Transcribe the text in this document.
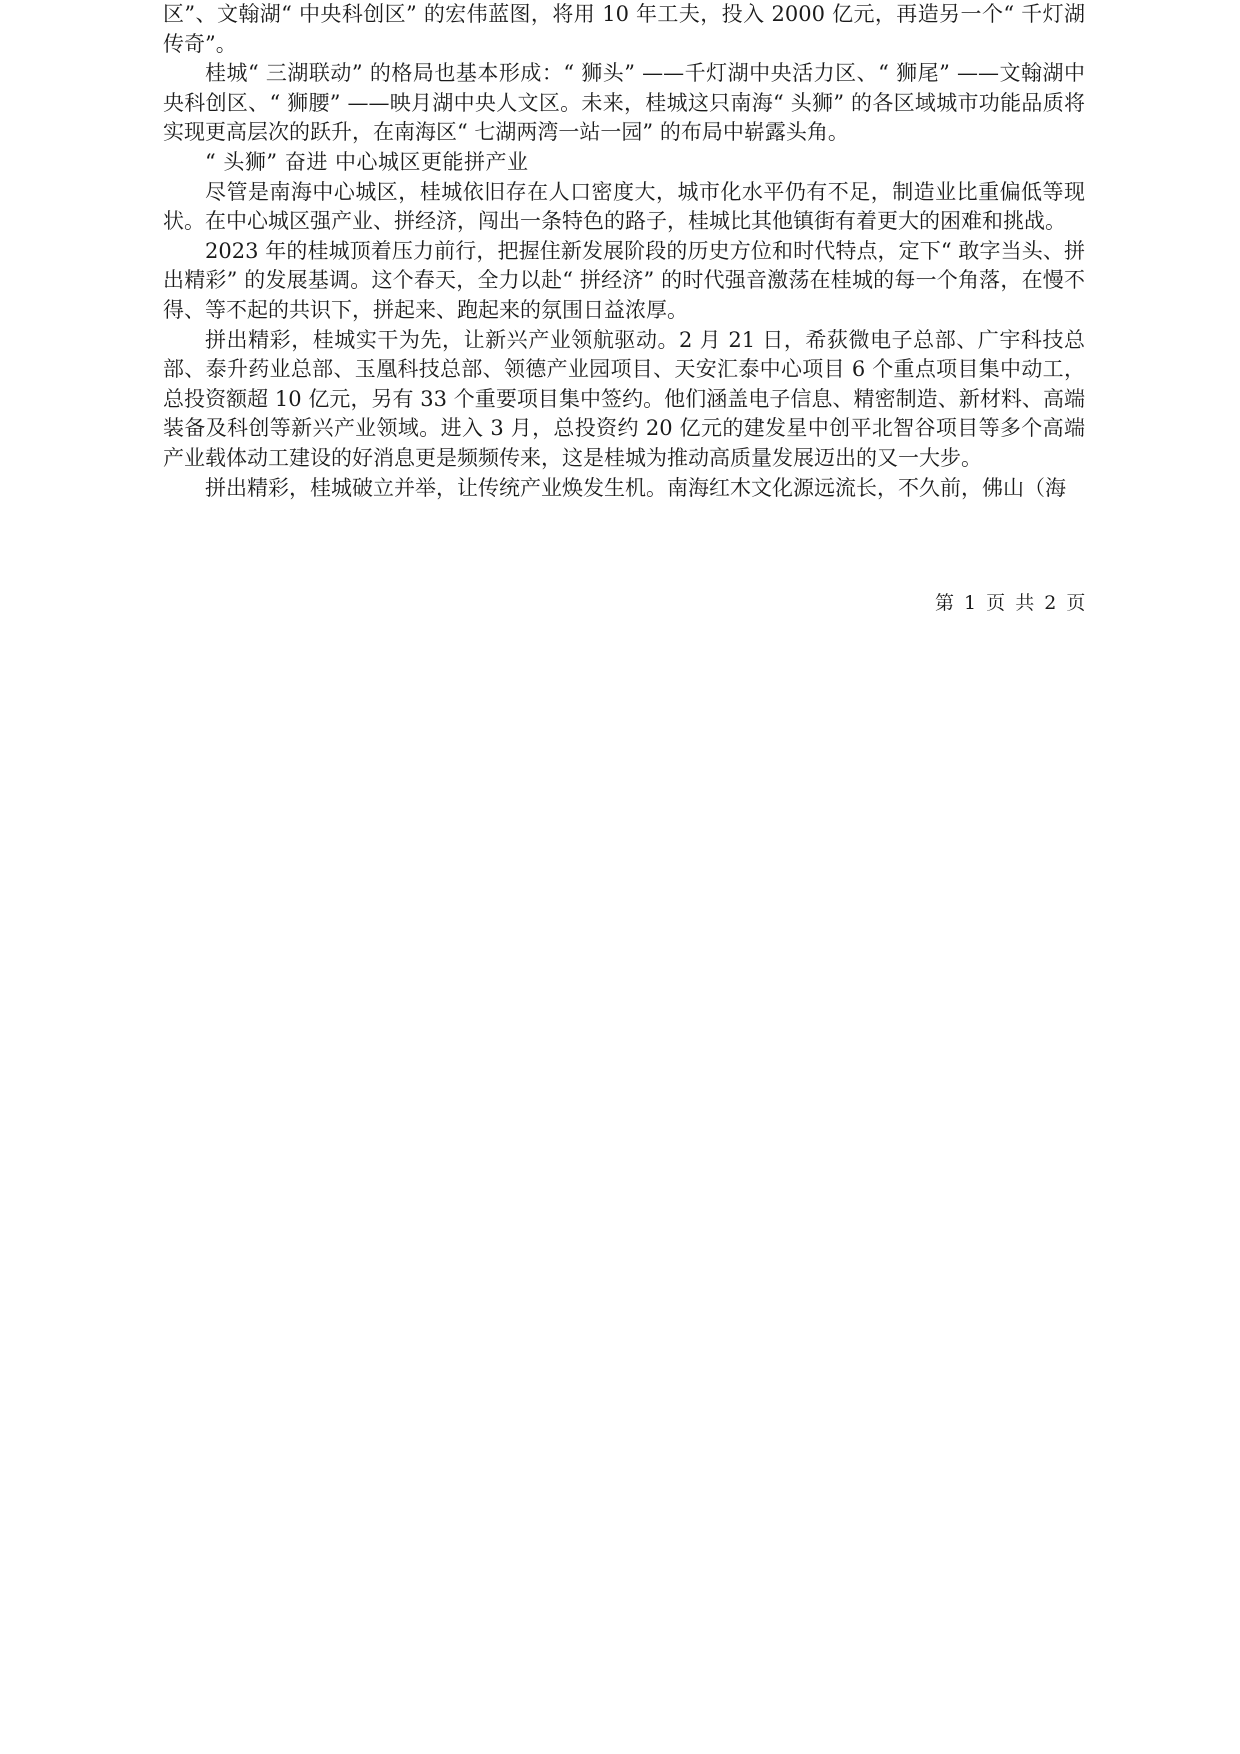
区”、文翰湖“ 中央科创区” 的宏伟蓝图，将用 10 年工夫，投入 2000 亿元，再造另一个“ 千灯湖传奇”。

桂城“ 三湖联动” 的格局也基本形成：“ 狮头” ——千灯湖中央活力区、“ 狮尾” ——文翰湖中央科创区、“ 狮腰” ——映月湖中央人文区。未来，桂城这只南海“ 头狮” 的各区域城市功能品质将实现更高层次的跃升，在南海区“ 七湖两湾一站一园” 的布局中崭露头角。

“ 头狮” 奋进 中心城区更能拼产业

尽管是南海中心城区，桂城依旧存在人口密度大，城市化水平仍有不足，制造业比重偏低等现状。在中心城区强产业、拼经济，闯出一条特色的路子，桂城比其他镇街有着更大的困难和挑战。

2023 年的桂城顶着压力前行，把握住新发展阶段的历史方位和时代特点，定下“ 敢字当头、拼出精彩” 的发展基调。这个春天，全力以赴“ 拼经济” 的时代强音激荡在桂城的每一个角落，在慢不得、等不起的共识下，拼起来、跑起来的氛围日益浓厚。

拼出精彩，桂城实干为先，让新兴产业领航驱动。2 月 21 日，希荻微电子总部、广宇科技总部、泰升药业总部、玉凰科技总部、领德产业园项目、天安汇泰中心项目 6 个重点项目集中动工，总投资额超 10 亿元，另有 33 个重要项目集中签约。他们涵盖电子信息、精密制造、新材料、高端装备及科创等新兴产业领域。进入 3 月，总投资约 20 亿元的建发星中创平北智谷项目等多个高端产业载体动工建设的好消息更是频频传来，这是桂城为推动高质量发展迈出的又一大步。

拼出精彩，桂城破立并举，让传统产业焕发生机。南海红木文化源远流长，不久前，佛山（海

第 1 页 共 2 页
